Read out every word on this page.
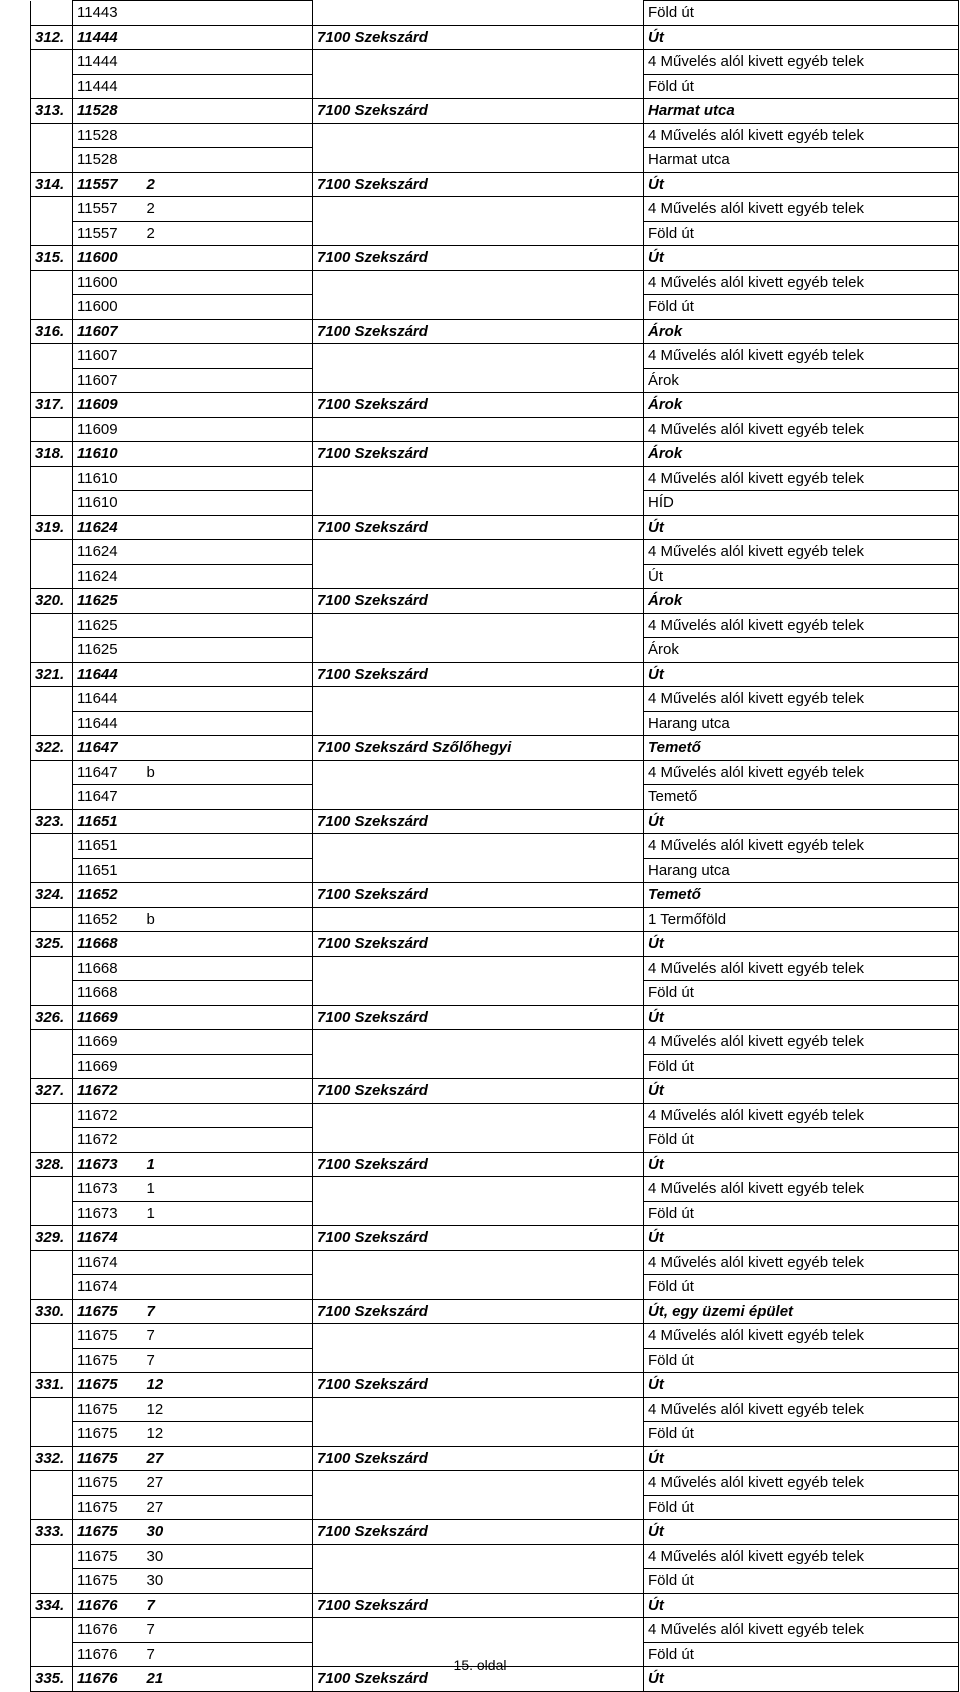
	11443			Föld út
312.	11444		7100 Szekszárd	Út
	11444			4 Művelés alól kivett egyéb telek
	11444			Föld út
313.	11528		7100 Szekszárd	Harmat utca
	11528			4 Művelés alól kivett egyéb telek
	11528			Harmat utca
314.	11557	2	7100 Szekszárd	Út
	11557	2		4 Művelés alól kivett egyéb telek
	11557	2		Föld út
315.	11600		7100 Szekszárd	Út
	11600			4 Művelés alól kivett egyéb telek
	11600			Föld út
316.	11607		7100 Szekszárd	Árok
	11607			4 Művelés alól kivett egyéb telek
	11607			Árok
317.	11609		7100 Szekszárd	Árok
	11609			4 Művelés alól kivett egyéb telek
318.	11610		7100 Szekszárd	Árok
	11610			4 Művelés alól kivett egyéb telek
	11610			HÍD
319.	11624		7100 Szekszárd	Út
	11624			4 Művelés alól kivett egyéb telek
	11624			Út
320.	11625		7100 Szekszárd	Árok
	11625			4 Művelés alól kivett egyéb telek
	11625			Árok
321.	11644		7100 Szekszárd	Út
	11644			4 Művelés alól kivett egyéb telek
	11644			Harang utca
322.	11647		7100 Szekszárd Szőlőhegyi	Temető
	11647	b		4 Művelés alól kivett egyéb telek
	11647			Temető
323.	11651		7100 Szekszárd	Út
	11651			4 Művelés alól kivett egyéb telek
	11651			Harang utca
324.	11652		7100 Szekszárd	Temető
	11652	b		1 Termőföld
325.	11668		7100 Szekszárd	Út
	11668			4 Művelés alól kivett egyéb telek
	11668			Föld út
326.	11669		7100 Szekszárd	Út
	11669			4 Művelés alól kivett egyéb telek
	11669			Föld út
327.	11672		7100 Szekszárd	Út
	11672			4 Művelés alól kivett egyéb telek
	11672			Föld út
328.	11673	1	7100 Szekszárd	Út
	11673	1		4 Művelés alól kivett egyéb telek
	11673	1		Föld út
329.	11674		7100 Szekszárd	Út
	11674			4 Művelés alól kivett egyéb telek
	11674			Föld út
330.	11675	7	7100 Szekszárd	Út, egy üzemi épület
	11675	7		4 Művelés alól kivett egyéb telek
	11675	7		Föld út
331.	11675	12	7100 Szekszárd	Út
	11675	12		4 Művelés alól kivett egyéb telek
	11675	12		Föld út
332.	11675	27	7100 Szekszárd	Út
	11675	27		4 Művelés alól kivett egyéb telek
	11675	27		Föld út
333.	11675	30	7100 Szekszárd	Út
	11675	30		4 Művelés alól kivett egyéb telek
	11675	30		Föld út
334.	11676	7	7100 Szekszárd	Út
	11676	7		4 Művelés alól kivett egyéb telek
	11676	7		Föld út
335.	11676	21	7100 Szekszárd	Út
15. oldal
